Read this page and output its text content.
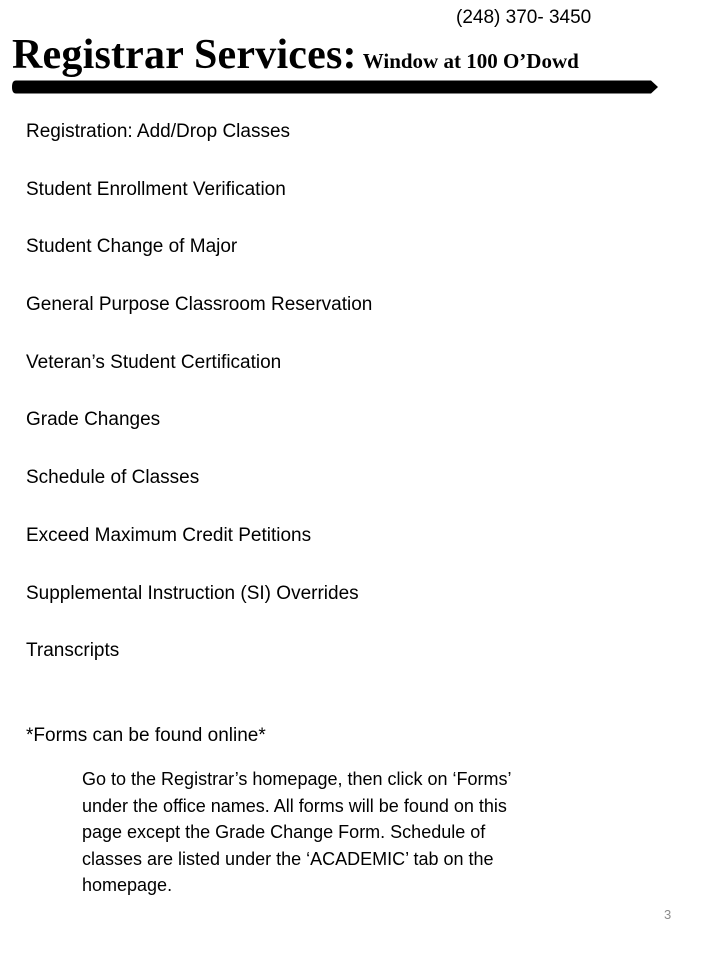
(248) 370- 3450
Registrar Services: Window at 100 O’Dowd
Registration: Add/Drop Classes
Student Enrollment Verification
Student Change of Major
General Purpose Classroom Reservation
Veteran’s Student Certification
Grade Changes
Schedule of Classes
Exceed Maximum Credit Petitions
Supplemental Instruction (SI) Overrides
Transcripts
*Forms can be found online*
Go to the Registrar’s homepage, then click on ‘Forms’ under the office names. All forms will be found on this page except the Grade Change Form. Schedule of classes are listed under the ‘ACADEMIC’ tab on the homepage.
3
